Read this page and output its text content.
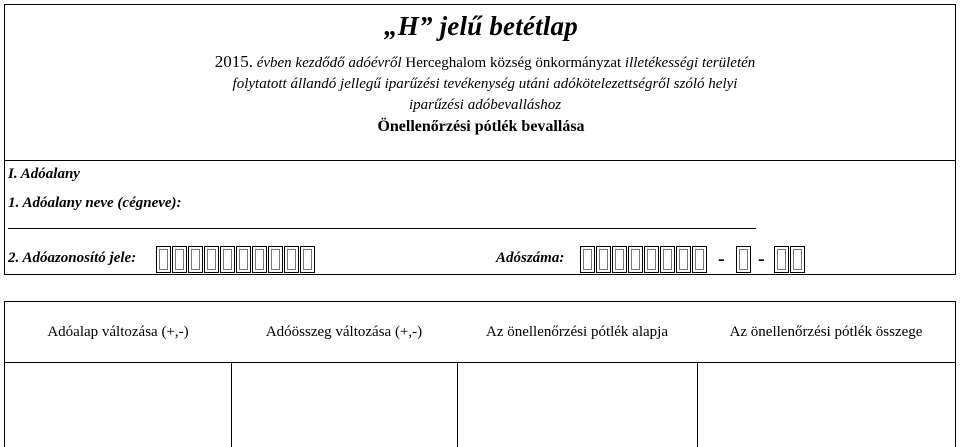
„H” jelű betétlap
2015. évben kezdődő adóévről Herceghalom község önkormányzat illetékességi területén
folytatott állandó jellegű iparűzési tevékenység utáni adókötelezettségről szóló helyi
iparűzési adóbevalláshoz
Önellenőrzési pótlék bevallása
I. Adóalany
1. Adóalany neve (cégneve):
2. Adóazonosító jele:	Adószáma:	- -
Adóalap változása (+,-)	Adóösszeg változása (+,-)	Az önellenőrzési pótlék alapja	Az önellenőrzési pótlék összege
